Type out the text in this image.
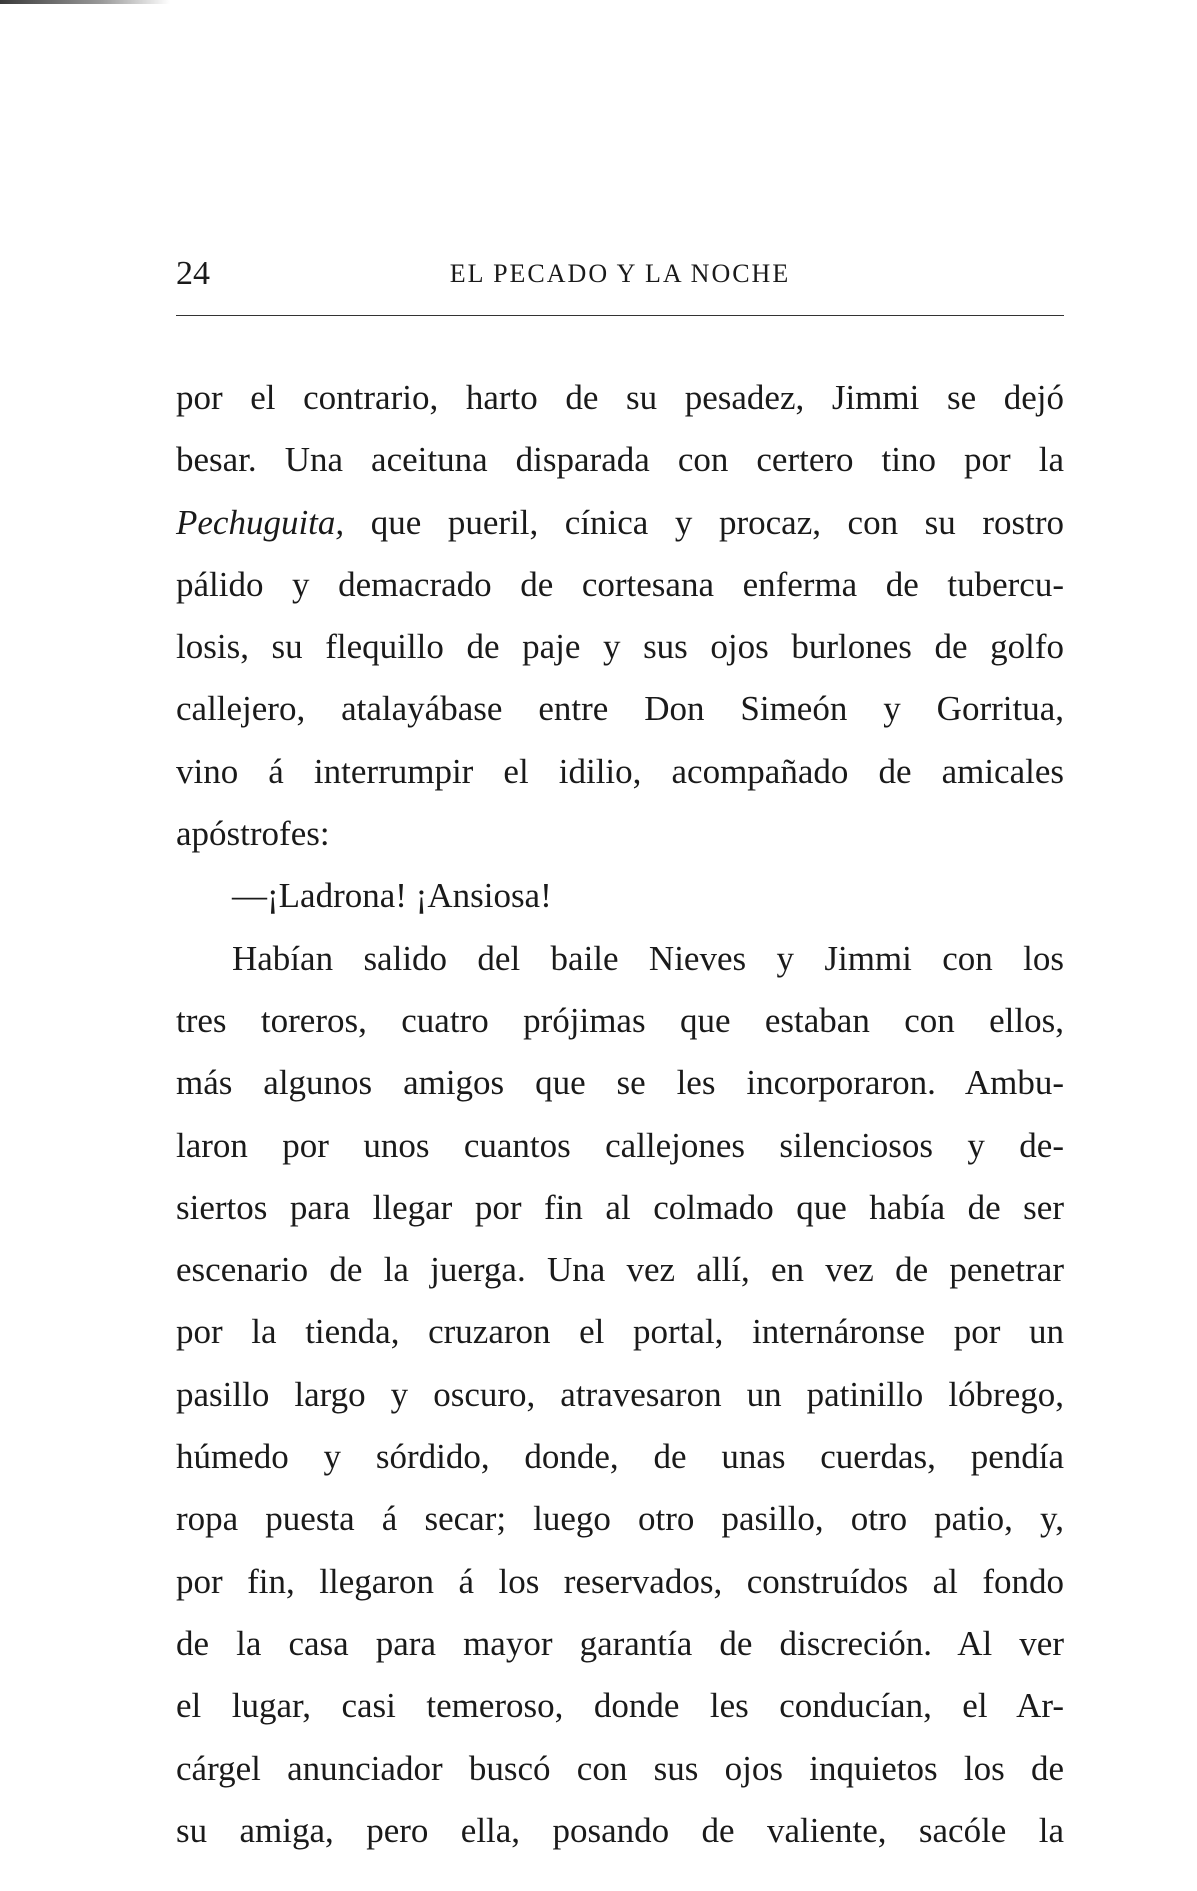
24	EL PECADO Y LA NOCHE
por el contrario, harto de su pesadez, Jimmi se dejó
besar. Una aceituna disparada con certero tino por la
Pechuguita, que pueril, cínica y procaz, con su rostro
pálido y demacrado de cortesana enferma de tubercu-
losis, su flequillo de paje y sus ojos burlones de golfo
callejero, atalayábase entre Don Simeón y Gorritua,
vino á interrumpir el idilio, acompañado de amicales
apóstrofes:
—¡Ladrona! ¡Ansiosa!
Habían salido del baile Nieves y Jimmi con los
tres toreros, cuatro prójimas que estaban con ellos,
más algunos amigos que se les incorporaron. Ambu-
laron por unos cuantos callejones silenciosos y de-
siertos para llegar por fin al colmado que había de ser
escenario de la juerga. Una vez allí, en vez de penetrar
por la tienda, cruzaron el portal, internáronse por un
pasillo largo y oscuro, atravesaron un patinillo lóbrego,
húmedo y sórdido, donde, de unas cuerdas, pendía
ropa puesta á secar; luego otro pasillo, otro patio, y,
por fin, llegaron á los reservados, construídos al fondo
de la casa para mayor garantía de discreción. Al ver
el lugar, casi temeroso, donde les conducían, el Ar-
cárgel anunciador buscó con sus ojos inquietos los de
su amiga, pero ella, posando de valiente, sacóle la
